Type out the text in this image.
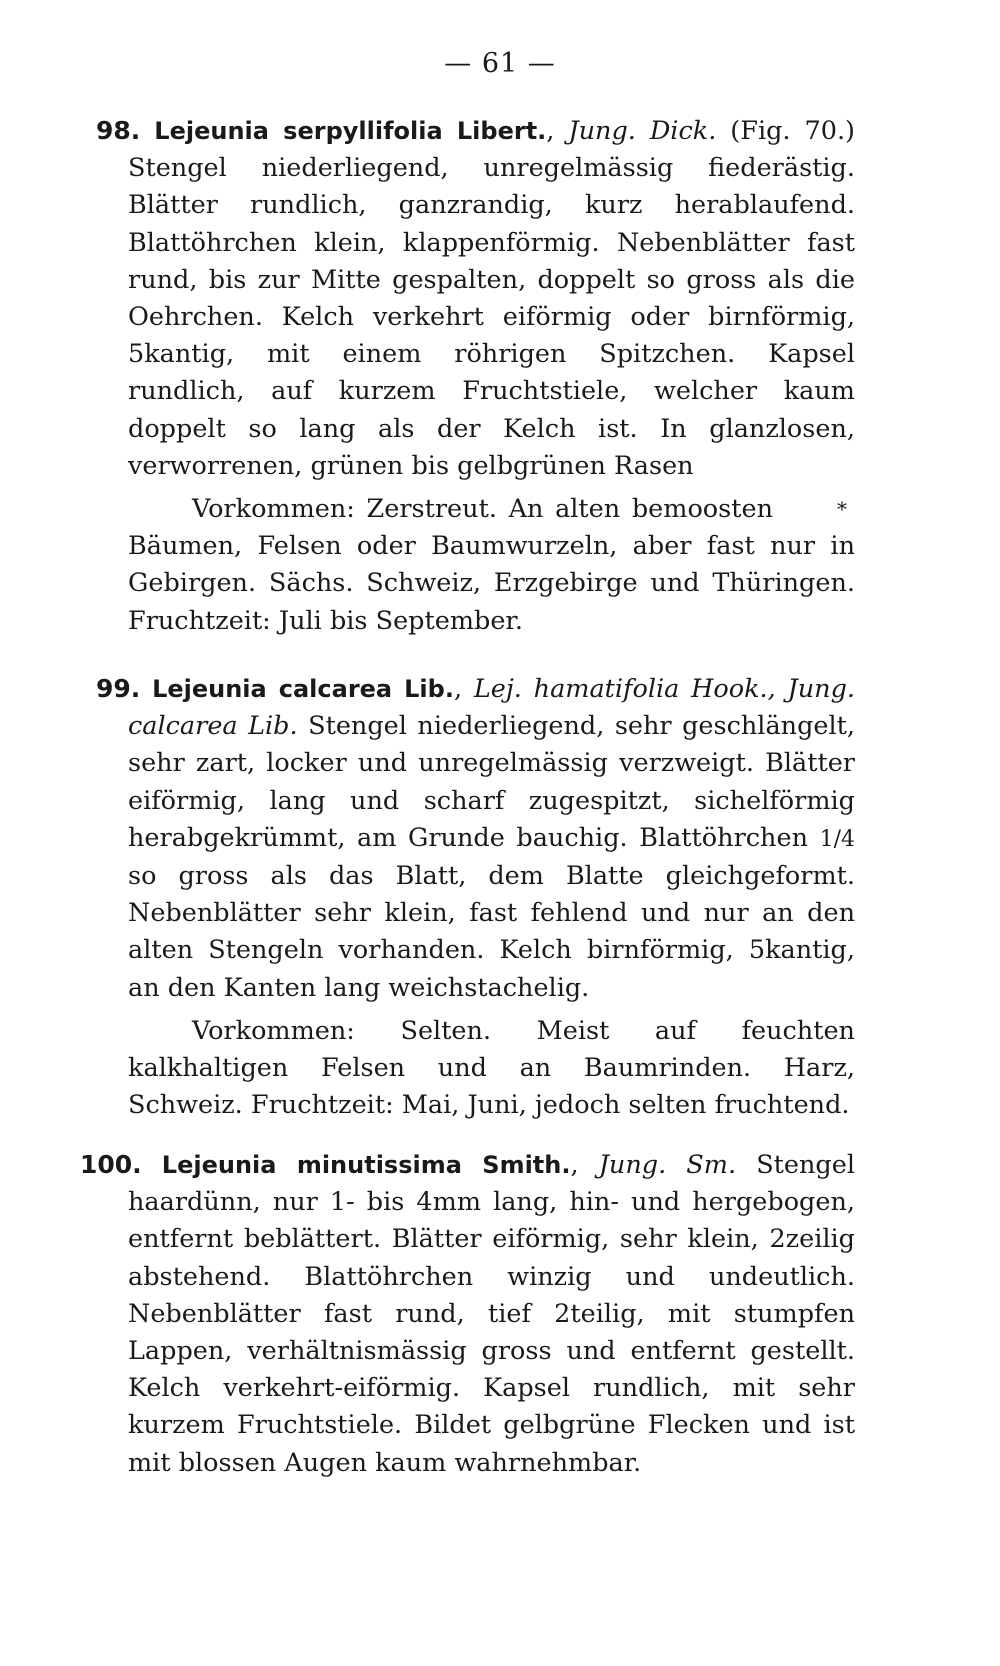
— 61 —

98. Lejeunia serpyllifolia Libert., Jung. Dick. (Fig. 70.) Stengel niederliegend, unregelmässig fiederästig. Blätter rundlich, ganzrandig, kurz herablaufend. Blattöhrchen klein, klappenförmig. Nebenblätter fast rund, bis zur Mitte gespalten, doppelt so gross als die Oehrchen. Kelch verkehrt eiförmig oder birnförmig, 5kantig, mit einem röhrigen Spitzchen. Kapsel rundlich, auf kurzem Fruchtstiele, welcher kaum doppelt so lang als der Kelch ist. In glanzlosen, verworrenen, grünen bis gelbgrünen Rasen

*
Vorkommen: Zerstreut. An alten bemoosten Bäumen, Felsen oder Baumwurzeln, aber fast nur in Gebirgen. Sächs. Schweiz, Erzgebirge und Thüringen. Fruchtzeit: Juli bis September.

99. Lejeunia calcarea Lib., Lej. hamatifolia Hook., Jung. calcarea Lib. Stengel niederliegend, sehr geschlängelt, sehr zart, locker und unregelmässig verzweigt. Blätter eiförmig, lang und scharf zugespitzt, sichelförmig herabgekrümmt, am Grunde bauchig. Blattöhrchen 1/4 so gross als das Blatt, dem Blatte gleichgeformt. Nebenblätter sehr klein, fast fehlend und nur an den alten Stengeln vorhanden. Kelch birnförmig, 5kantig, an den Kanten lang weichstachelig.

Vorkommen: Selten. Meist auf feuchten kalkhaltigen Felsen und an Baumrinden. Harz, Schweiz. Fruchtzeit: Mai, Juni, jedoch selten fruchtend.

100. Lejeunia minutissima Smith., Jung. Sm. Stengel haardünn, nur 1- bis 4mm lang, hin- und hergebogen, entfernt beblättert. Blätter eiförmig, sehr klein, 2zeilig abstehend. Blattöhrchen winzig und undeutlich. Nebenblätter fast rund, tief 2teilig, mit stumpfen Lappen, verhältnismässig gross und entfernt gestellt. Kelch verkehrt-eiförmig. Kapsel rundlich, mit sehr kurzem Fruchtstiele. Bildet gelbgrüne Flecken und ist mit blossen Augen kaum wahrnehmbar.
